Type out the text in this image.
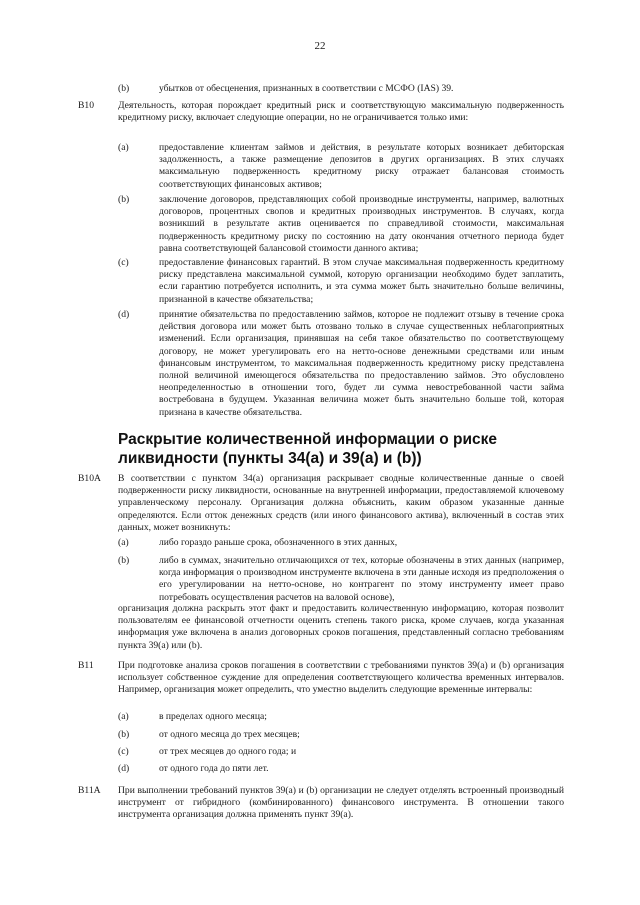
22
(b)	убытков от обесценения, признанных в соответствии с МСФО (IAS) 39.
B10	Деятельность, которая порождает кредитный риск и соответствующую максимальную подверженность кредитному риску, включает следующие операции, но не ограничивается только ими:
(a)	предоставление клиентам займов и действия, в результате которых возникает дебиторская задолженность, а также размещение депозитов в других организациях. В этих случаях максимальную подверженность кредитному риску отражает балансовая стоимость соответствующих финансовых активов;
(b)	заключение договоров, представляющих собой производные инструменты, например, валютных договоров, процентных свопов и кредитных производных инструментов. В случаях, когда возникший в результате актив оценивается по справедливой стоимости, максимальная подверженность кредитному риску по состоянию на дату окончания отчетного периода будет равна соответствующей балансовой стоимости данного актива;
(c)	предоставление финансовых гарантий. В этом случае максимальная подверженность кредитному риску представлена максимальной суммой, которую организации необходимо будет заплатить, если гарантию потребуется исполнить, и эта сумма может быть значительно больше величины, признанной в качестве обязательства;
(d)	принятие обязательства по предоставлению займов, которое не подлежит отзыву в течение срока действия договора или может быть отозвано только в случае существенных неблагоприятных изменений. Если организация, принявшая на себя такое обязательство по соответствующему договору, не может урегулировать его на нетто-основе денежными средствами или иным финансовым инструментом, то максимальная подверженность кредитному риску представлена полной величиной имеющегося обязательства по предоставлению займов. Это обусловлено неопределенностью в отношении того, будет ли сумма невостребованной части займа востребована в будущем. Указанная величина может быть значительно больше той, которая признана в качестве обязательства.
Раскрытие количественной информации о риске ликвидности (пункты 34(a) и 39(a) и (b))
B10A В соответствии с пунктом 34(a) организация раскрывает сводные количественные данные о своей подверженности риску ликвидности, основанные на внутренней информации, предоставляемой ключевому управленческому персоналу. Организация должна объяснить, каким образом указанные данные определяются. Если отток денежных средств (или иного финансового актива), включенный в состав этих данных, может возникнуть:
(a)	либо гораздо раньше срока, обозначенного в этих данных,
(b)	либо в суммах, значительно отличающихся от тех, которые обозначены в этих данных (например, когда информация о производном инструменте включена в эти данные исходя из предположения о его урегулировании на нетто-основе, но контрагент по этому инструменту имеет право потребовать осуществления расчетов на валовой основе),
организация должна раскрыть этот факт и предоставить количественную информацию, которая позволит пользователям ее финансовой отчетности оценить степень такого риска, кроме случаев, когда указанная информация уже включена в анализ договорных сроков погашения, представленный согласно требованиям пункта 39(a) или (b).
B11	При подготовке анализа сроков погашения в соответствии с требованиями пунктов 39(a) и (b) организация использует собственное суждение для определения соответствующего количества временных интервалов. Например, организация может определить, что уместно выделить следующие временные интервалы:
(a)	в пределах одного месяца;
(b)	от одного месяца до трех месяцев;
(c)	от трех месяцев до одного года; и
(d)	от одного года до пяти лет.
B11A При выполнении требований пунктов 39(a) и (b) организации не следует отделять встроенный производный инструмент от гибридного (комбинированного) финансового инструмента. В отношении такого инструмента организация должна применять пункт 39(a).
